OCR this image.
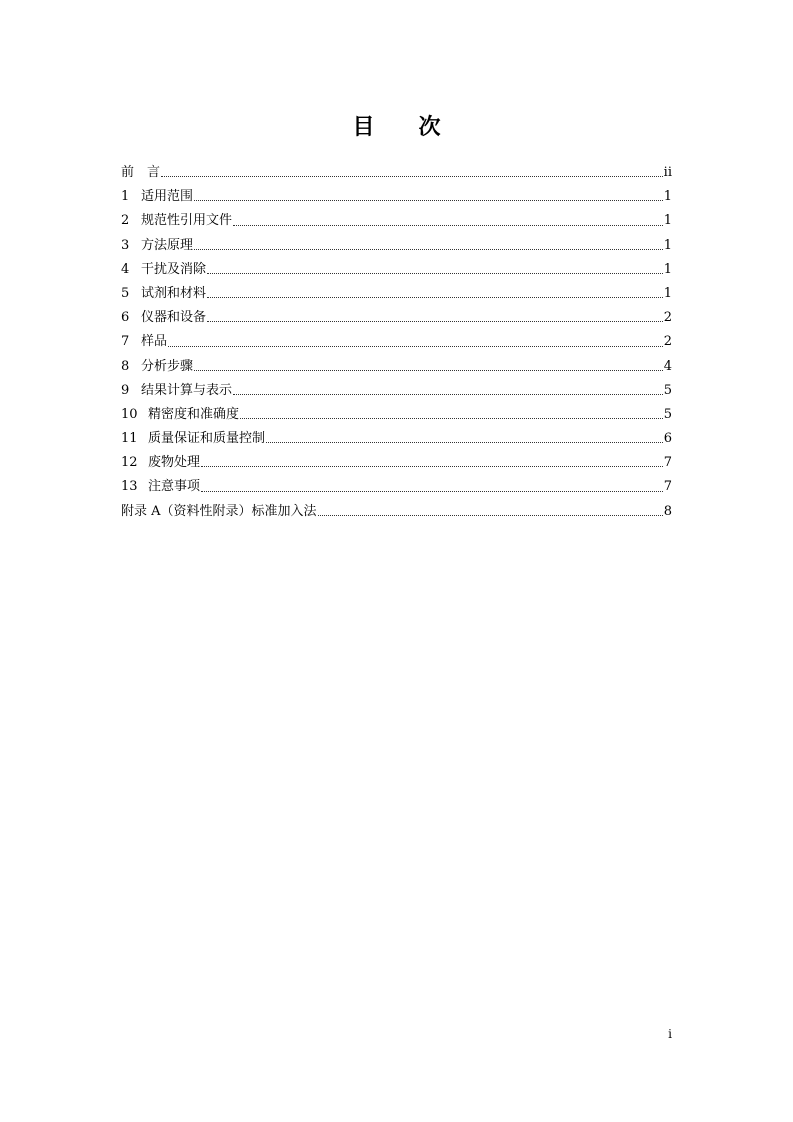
目　　次
前　言	ii
1 适用范围	1
2 规范性引用文件	1
3 方法原理	1
4 干扰及消除	1
5 试剂和材料	1
6 仪器和设备	2
7 样品	2
8 分析步骤	4
9 结果计算与表示	5
10 精密度和准确度	5
11 质量保证和质量控制	6
12 废物处理	7
13 注意事项	7
附录 A（资料性附录）标准加入法	8
i
